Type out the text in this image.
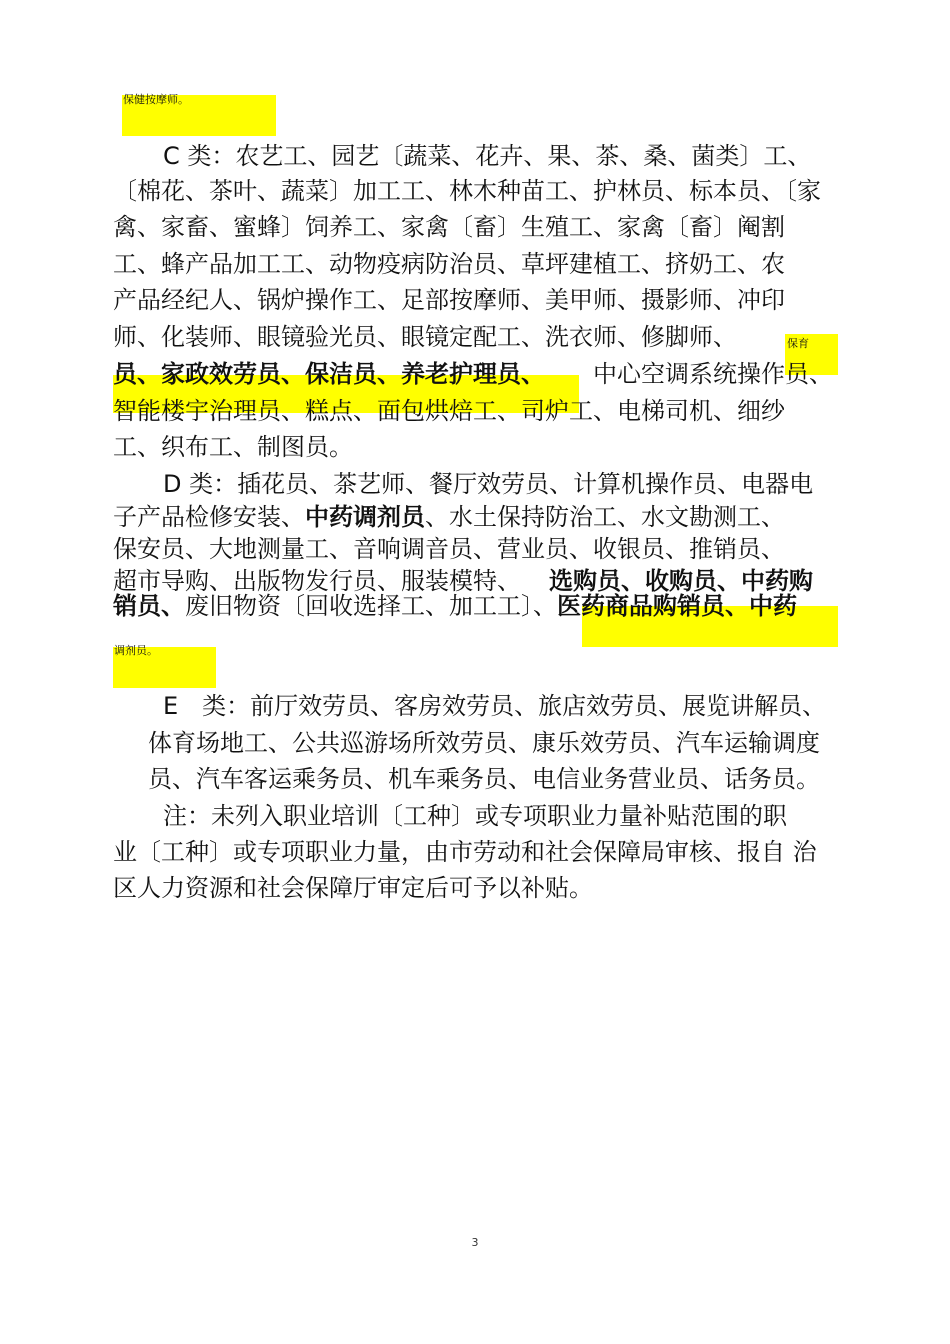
保健按摩师。
保育
调剂员。
C 类：农艺工、园艺〔蔬菜、花卉、果、茶、桑、菌类〕工、
〔棉花、茶叶、蔬菜〕加工工、林木种苗工、护林员、标本员、〔家
禽、家畜、蜜蜂〕饲养工、家禽〔畜〕生殖工、家禽〔畜〕阉割
工、蜂产品加工工、动物疫病防治员、草坪建植工、挤奶工、农
产品经纪人、锅炉操作工、足部按摩师、美甲师、摄影师、冲印
师、化装师、眼镜验光员、眼镜定配工、洗衣师、修脚师、
员、家政效劳员、保洁员、养老护理员、 中心空调系统操作员、
智能楼宇治理员、糕点、面包烘焙工、司炉工、电梯司机、细纱
工、织布工、制图员。
D 类：插花员、茶艺师、餐厅效劳员、计算机操作员、电器电
子产品检修安装、中药调剂员、水土保持防治工、水文勘测工、
保安员、大地测量工、音响调音员、营业员、收银员、推销员、
超市导购、出版物发行员、服装模特、 选购员、收购员、中药购
销员、废旧物资〔回收选择工、加工工〕、医药商品购销员、中药
E　类：前厅效劳员、客房效劳员、旅店效劳员、展览讲解员、
体育场地工、公共巡游场所效劳员、康乐效劳员、汽车运输调度
员、汽车客运乘务员、机车乘务员、电信业务营业员、话务员。
注：未列入职业培训〔工种〕或专项职业力量补贴范围的职
业〔工种〕或专项职业力量，由市劳动和社会保障局审核、报自 治
区人力资源和社会保障厅审定后可予以补贴。
3
